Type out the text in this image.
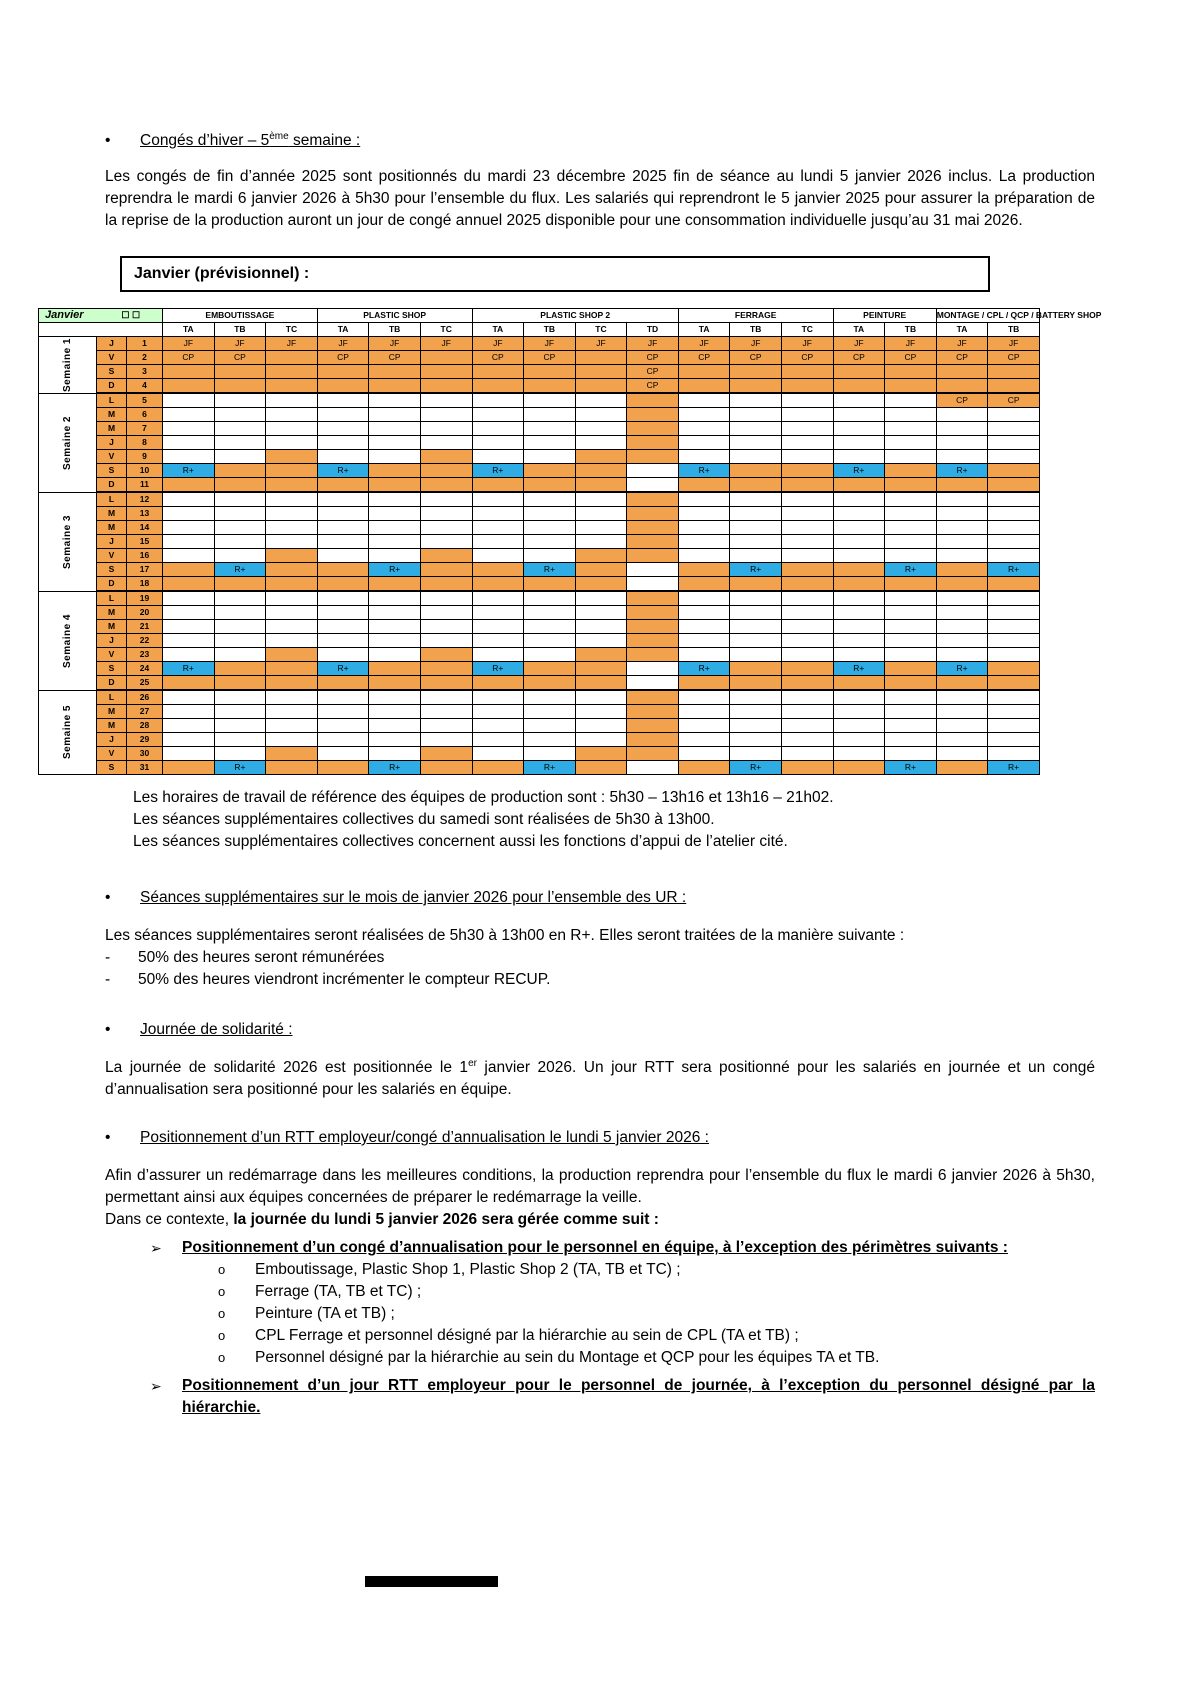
•	Congés d’hiver – 5ème semaine :

Les congés de fin d’année 2025 sont positionnés du mardi 23 décembre 2025 fin de séance au lundi 5 janvier 2026 inclus. La production reprendra le mardi 6 janvier 2026 à 5h30 pour l’ensemble du flux. Les salariés qui reprendront le 5 janvier 2025 pour assurer la préparation de la reprise de la production auront un jour de congé annuel 2025 disponible pour une consommation individuelle jusqu’au 31 mai 2026.

Janvier (prévisionnel) :
Janvier ☐ ☐			EMBOUTISSAGE			PLASTIC SHOP			PLASTIC SHOP 2				FERRAGE			PEINTURE		MONTAGE / CPL / QCP / BATTERY SHOP	
			TA	TB	TC	TA	TB	TC	TA	TB	TC	TD	TA	TB	TC	TA	TB	TA	TB

Semaine 1	J	1	JF	JF	JF	JF	JF	JF	JF	JF	JF	JF	JF	JF	JF	JF	JF	JF	JF
	V	2	CP	CP		CP	CP		CP	CP		CP	CP	CP	CP	CP	CP	CP	CP
	S	3										CP							
	D	4										CP							

Semaine 2	L	5																CP	CP
	M	6																	
	M	7																	
	J	8																	
	V	9																	
	S	10	R+			R+			R+				R+			R+		R+	
	D	11																	

Semaine 3	L	12																	
	M	13																	
	M	14																	
	J	15																	
	V	16																	
	S	17		R+			R+			R+				R+			R+		R+
	D	18																	

Semaine 4	L	19																	
	M	20																	
	M	21																	
	J	22																	
	V	23																	
	S	24	R+			R+			R+				R+			R+		R+	
	D	25																	

Semaine 5	L	26																	
	M	27																	
	M	28																	
	J	29																	
	V	30																	
	S	31		R+			R+			R+				R+			R+		R+
Les horaires de travail de référence des équipes de production sont : 5h30 – 13h16 et 13h16 – 21h02.
Les séances supplémentaires collectives du samedi sont réalisées de 5h30 à 13h00.
Les séances supplémentaires collectives concernent aussi les fonctions d’appui de l’atelier cité.
•	Séances supplémentaires sur le mois de janvier 2026 pour l’ensemble des UR :

Les séances supplémentaires seront réalisées de 5h30 à 13h00 en R+. Elles seront traitées de la manière suivante :

-	50% des heures seront rémunérées
-	50% des heures viendront incrémenter le compteur RECUP.
•	Journée de solidarité :

La journée de solidarité 2026 est positionnée le 1er janvier 2026. Un jour RTT sera positionné pour les salariés en journée et un congé d’annualisation sera positionné pour les salariés en équipe.

•	Positionnement d’un RTT employeur/congé d’annualisation le lundi 5 janvier 2026 :

Afin d’assurer un redémarrage dans les meilleures conditions, la production reprendra pour l’ensemble du flux le mardi 6 janvier 2026 à 5h30, permettant ainsi aux équipes concernées de préparer le redémarrage la veille.

Dans ce contexte, la journée du lundi 5 janvier 2026 sera gérée comme suit :

➢	Positionnement d’un congé d’annualisation pour le personnel en équipe, à l’exception des périmètres suivants :
o	Emboutissage, Plastic Shop 1, Plastic Shop 2 (TA, TB et TC) ;
o	Ferrage (TA, TB et TC) ;
o	Peinture (TA et TB) ;
o	CPL Ferrage et personnel désigné par la hiérarchie au sein de CPL (TA et TB) ;
o	Personnel désigné par la hiérarchie au sein du Montage et QCP pour les équipes TA et TB.
➢	Positionnement d’un jour RTT employeur pour le personnel de journée, à l’exception du personnel désigné par la hiérarchie.
